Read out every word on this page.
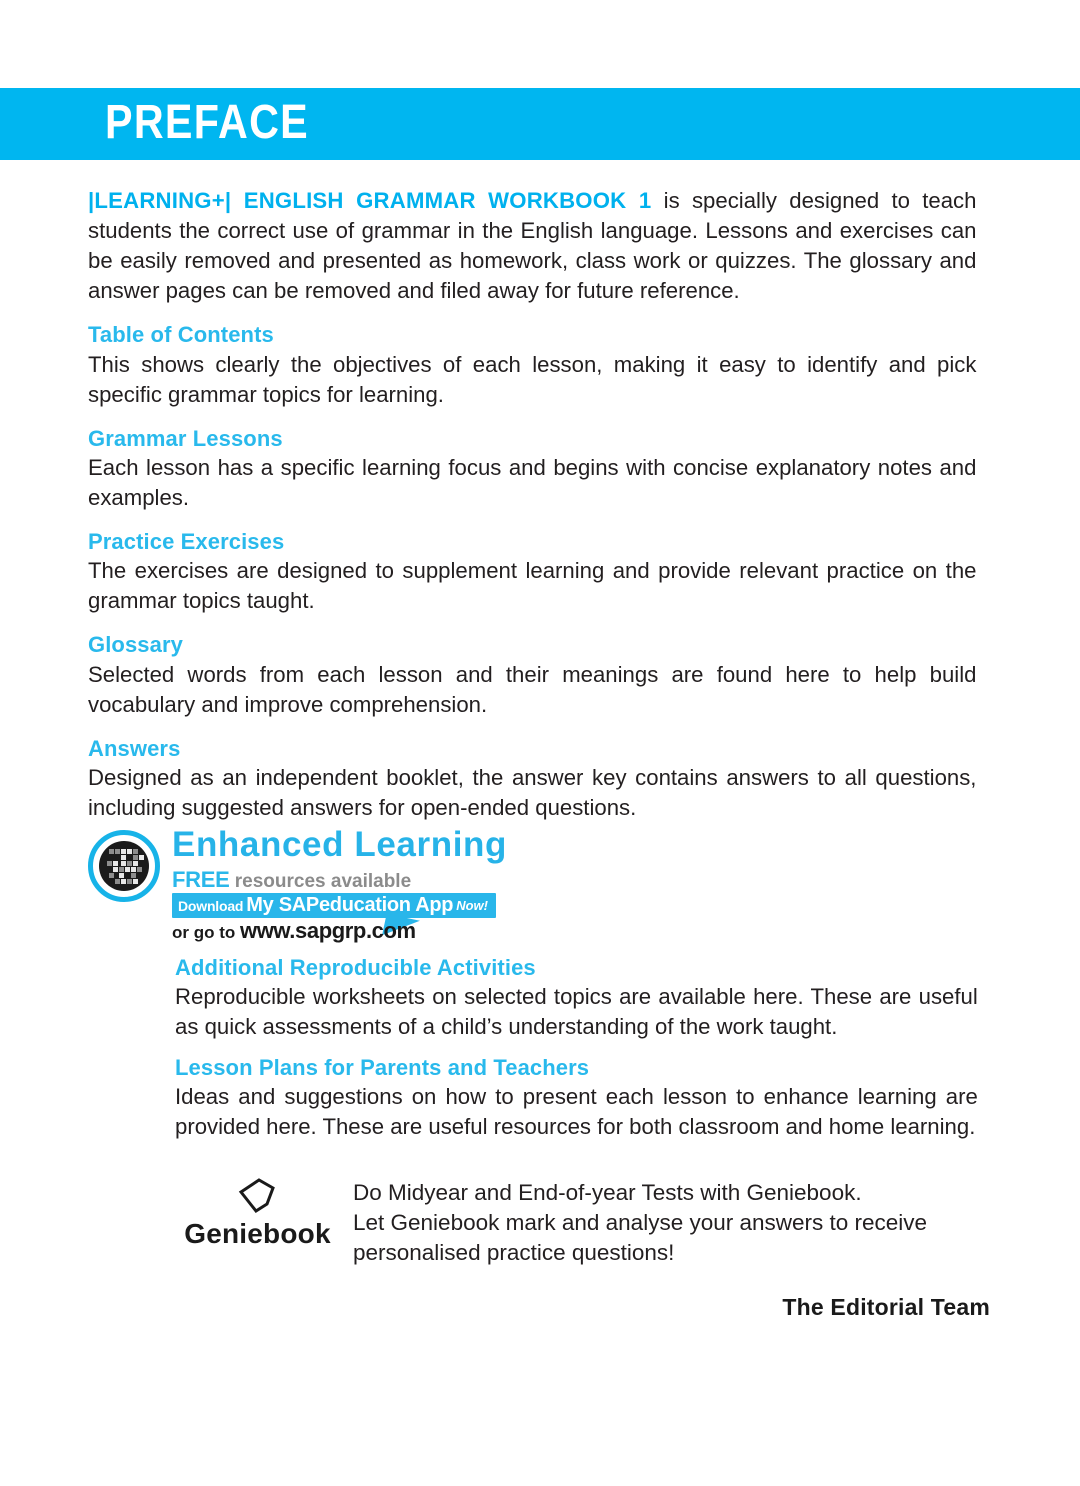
PREFACE

|LEARNING+| ENGLISH GRAMMAR WORKBOOK 1 is specially designed to teach students the correct use of grammar in the English language. Lessons and exercises can be easily removed and presented as homework, class work or quizzes. The glossary and answer pages can be removed and filed away for future reference.

Table of Contents

This shows clearly the objectives of each lesson, making it easy to identify and pick specific grammar topics for learning.

Grammar Lessons

Each lesson has a specific learning focus and begins with concise explanatory notes and examples.

Practice Exercises

The exercises are designed to supplement learning and provide relevant practice on the grammar topics taught.

Glossary

Selected words from each lesson and their meanings are found here to help build vocabulary and improve comprehension.

Answers

Designed as an independent booklet, the answer key contains answers to all questions, including suggested answers for open-ended questions.

Enhanced Learning
FREE resources available
Download My SAPeducation App Now!
or go to www.sapgrp.com
Additional Reproducible Activities

Reproducible worksheets on selected topics are available here. These are useful as quick assessments of a child’s understanding of the work taught.

Lesson Plans for Parents and Teachers

Ideas and suggestions on how to present each lesson to enhance learning are provided here. These are useful resources for both classroom and home learning.

Geniebook
Do Midyear and End-of-year Tests with Geniebook.
Let Geniebook mark and analyse your answers to receive
personalised practice questions!
The Editorial Team
